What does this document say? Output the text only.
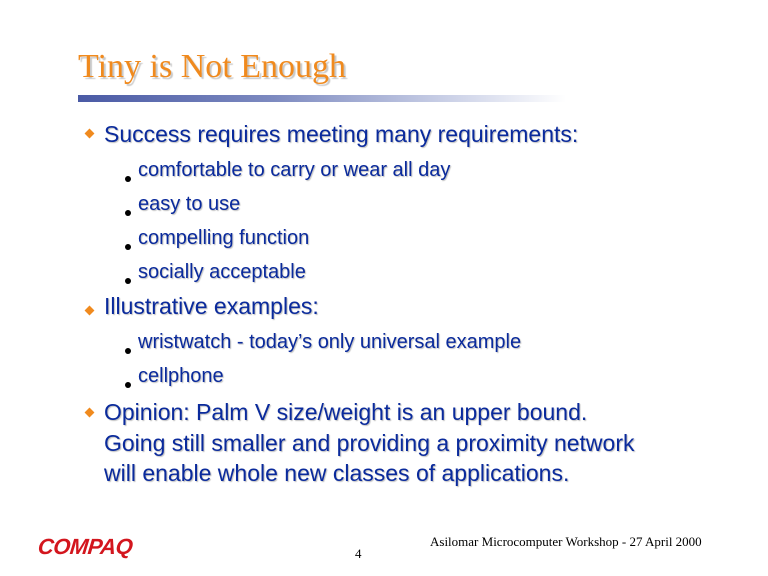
Tiny is Not Enough
Success requires meeting many requirements:
comfortable to carry or wear all day
easy to use
compelling function
socially acceptable
Illustrative examples:
wristwatch - today’s only universal example
cellphone
Opinion: Palm V size/weight is an upper bound.
Going still smaller and providing a proximity network
will enable whole new classes of applications.
COMPAQ	4
Asilomar Microcomputer Workshop - 27 April 2000
